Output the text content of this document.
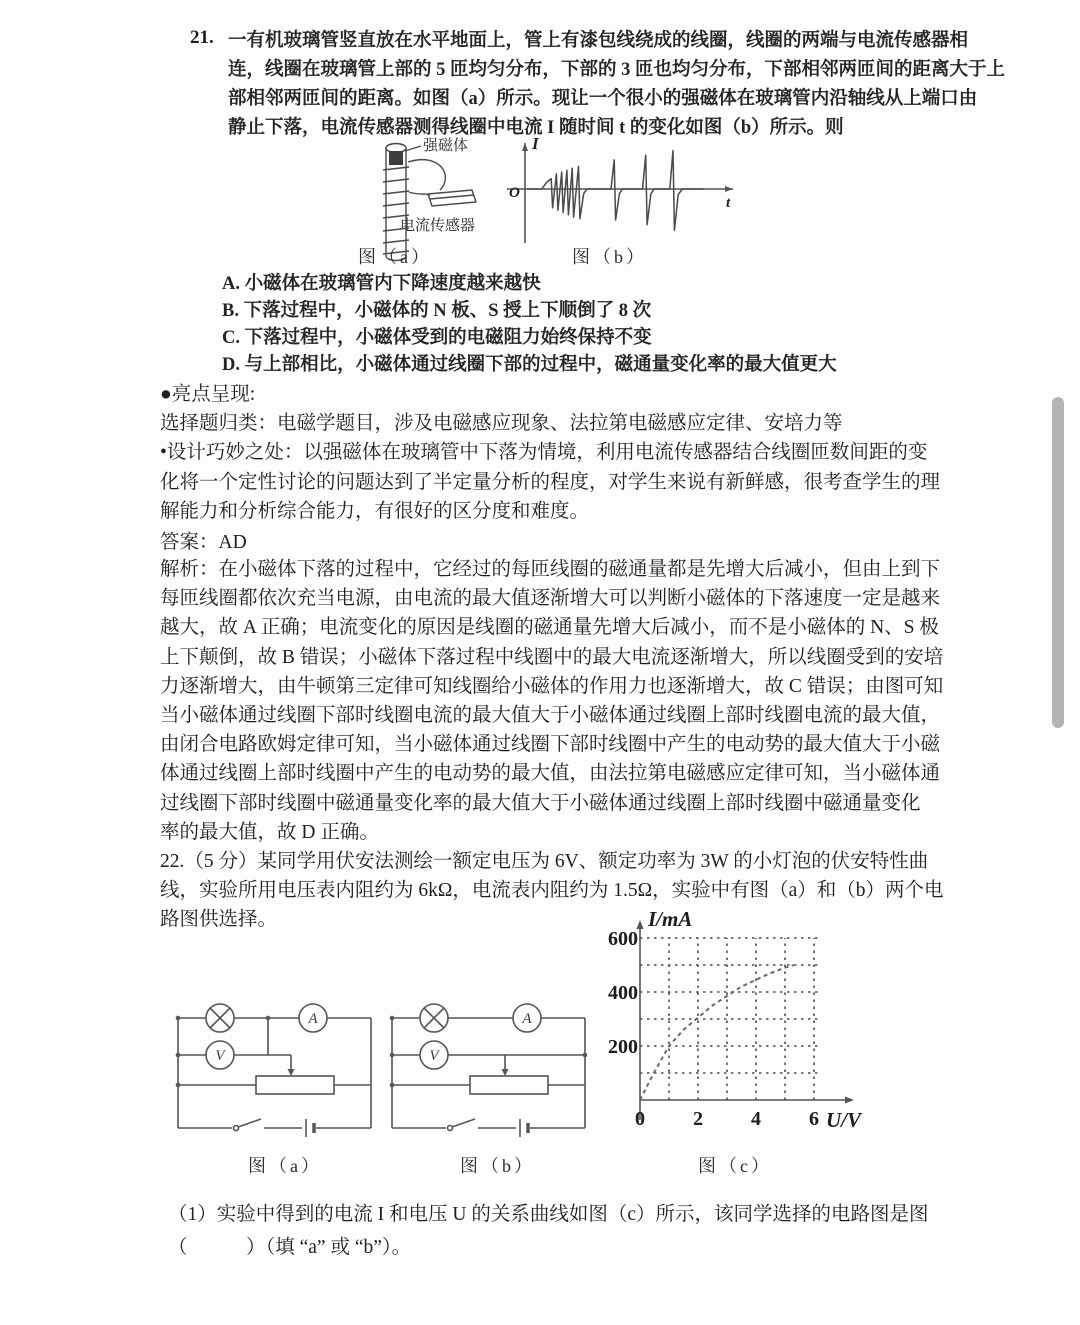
21. 一有机玻璃管竖直放在水平地面上，管上有漆包线绕成的线圈，线圈的两端与电流传感器相
连，线圈在玻璃管上部的 5 匝均匀分布，下部的 3 匝也均匀分布，下部相邻两匝间的距离大于上
部相邻两匝间的距离。如图（a）所示。现让一个很小的强磁体在玻璃管内沿轴线从上端口由
静止下落，电流传感器测得线圈中电流 I 随时间 t 的变化如图（b）所示。则
强磁体
电流传感器
图（a）
I
O
t
图（b）
A. 小磁体在玻璃管内下降速度越来越快
B. 下落过程中，小磁体的 N 板、S 授上下顺倒了 8 次
C. 下落过程中，小磁体受到的电磁阻力始终保持不变
D. 与上部相比，小磁体通过线圈下部的过程中，磁通量变化率的最大值更大
●亮点呈现:
选择题归类：电磁学题目，涉及电磁感应现象、法拉第电磁感应定律、安培力等
•设计巧妙之处：以强磁体在玻璃管中下落为情境，利用电流传感器结合线圈匝数间距的变
化将一个定性讨论的问题达到了半定量分析的程度，对学生来说有新鲜感，很考查学生的理
解能力和分析综合能力，有很好的区分度和难度。
答案：AD
解析：在小磁体下落的过程中，它经过的每匝线圈的磁通量都是先增大后减小，但由上到下
每匝线圈都依次充当电源，由电流的最大值逐渐增大可以判断小磁体的下落速度一定是越来
越大，故 A 正确；电流变化的原因是线圈的磁通量先增大后减小，而不是小磁体的 N、S 极
上下颠倒，故 B 错误；小磁体下落过程中线圈中的最大电流逐渐增大，所以线圈受到的安培
力逐渐增大，由牛顿第三定律可知线圈给小磁体的作用力也逐渐增大，故 C 错误；由图可知
当小磁体通过线圈下部时线圈电流的最大值大于小磁体通过线圈上部时线圈电流的最大值，
由闭合电路欧姆定律可知，当小磁体通过线圈下部时线圈中产生的电动势的最大值大于小磁
体通过线圈上部时线圈中产生的电动势的最大值，由法拉第电磁感应定律可知，当小磁体通
过线圈下部时线圈中磁通量变化率的最大值大于小磁体通过线圈上部时线圈中磁通量变化
率的最大值，故 D 正确。
22.（5 分）某同学用伏安法测绘一额定电压为 6V、额定功率为 3W 的小灯泡的伏安特性曲
线，实验所用电压表内阻约为 6kΩ，电流表内阻约为 1.5Ω，实验中有图（a）和（b）两个电
路图供选择。
A
V
图（a）
A
V
图（b）
I/mA
U/V
600
400
200
0 2 4 6
图（c）
（1）实验中得到的电流 I 和电压 U 的关系曲线如图（c）所示，该同学选择的电路图是图
（　　　）（填 “a” 或 “b”）。
